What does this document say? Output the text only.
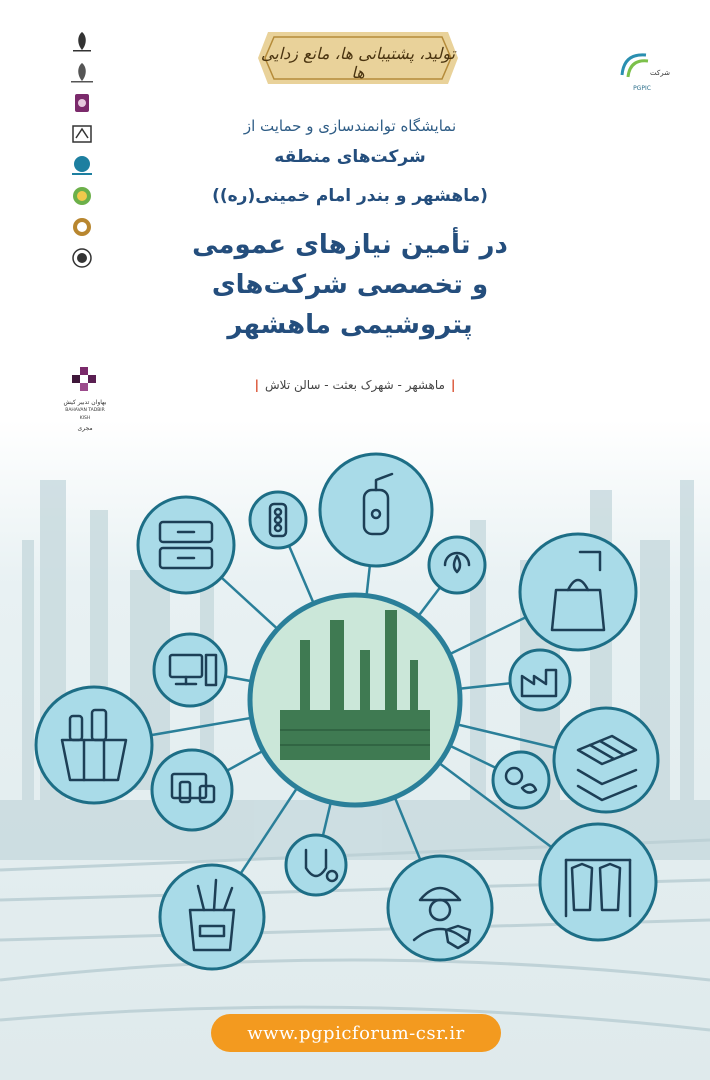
بهاوان تدبیر کیش
BAHAVAN TADBIR KISH
مجری
شرکت
PGPIC
تولید، پشتیبانی ها، مانع زدایی ها
نمایشگاه توانمندسازی و حمایت از
شرکت‌های منطقه
(ماهشهر و بندر امام خمینی(ره))
در تأمین نیازهای عمومی
و تخصصی شرکت‌های
پتروشیمی ماهشهر
|ماهشهر - شهرک بعثت - سالن تلاش|
www.pgpicforum-csr.ir
